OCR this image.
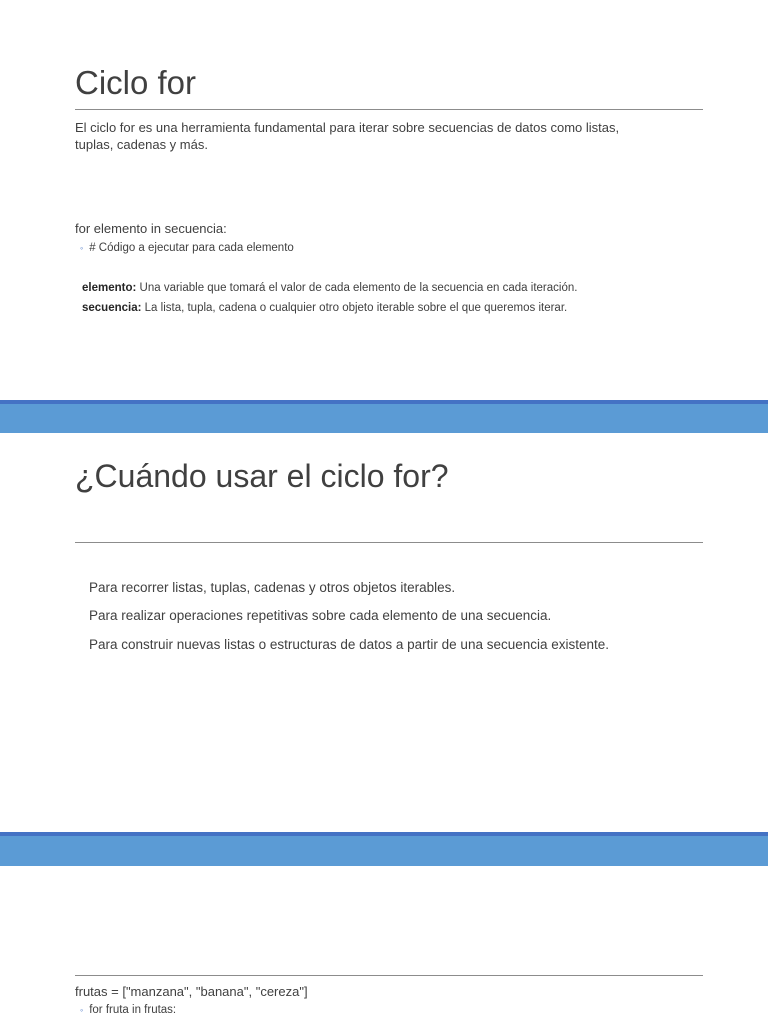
Ciclo for
El ciclo for es una herramienta fundamental para iterar sobre secuencias de datos como listas,
tuplas, cadenas y más.
for elemento in secuencia:
◦ # Código a ejecutar para cada elemento
elemento: Una variable que tomará el valor de cada elemento de la secuencia en cada iteración.
secuencia: La lista, tupla, cadena o cualquier otro objeto iterable sobre el que queremos iterar.
¿Cuándo usar el ciclo for?
Para recorrer listas, tuplas, cadenas y otros objetos iterables.
Para realizar operaciones repetitivas sobre cada elemento de una secuencia.
Para construir nuevas listas o estructuras de datos a partir de una secuencia existente.
frutas = ["manzana", "banana", "cereza"]
◦ for fruta in frutas:
